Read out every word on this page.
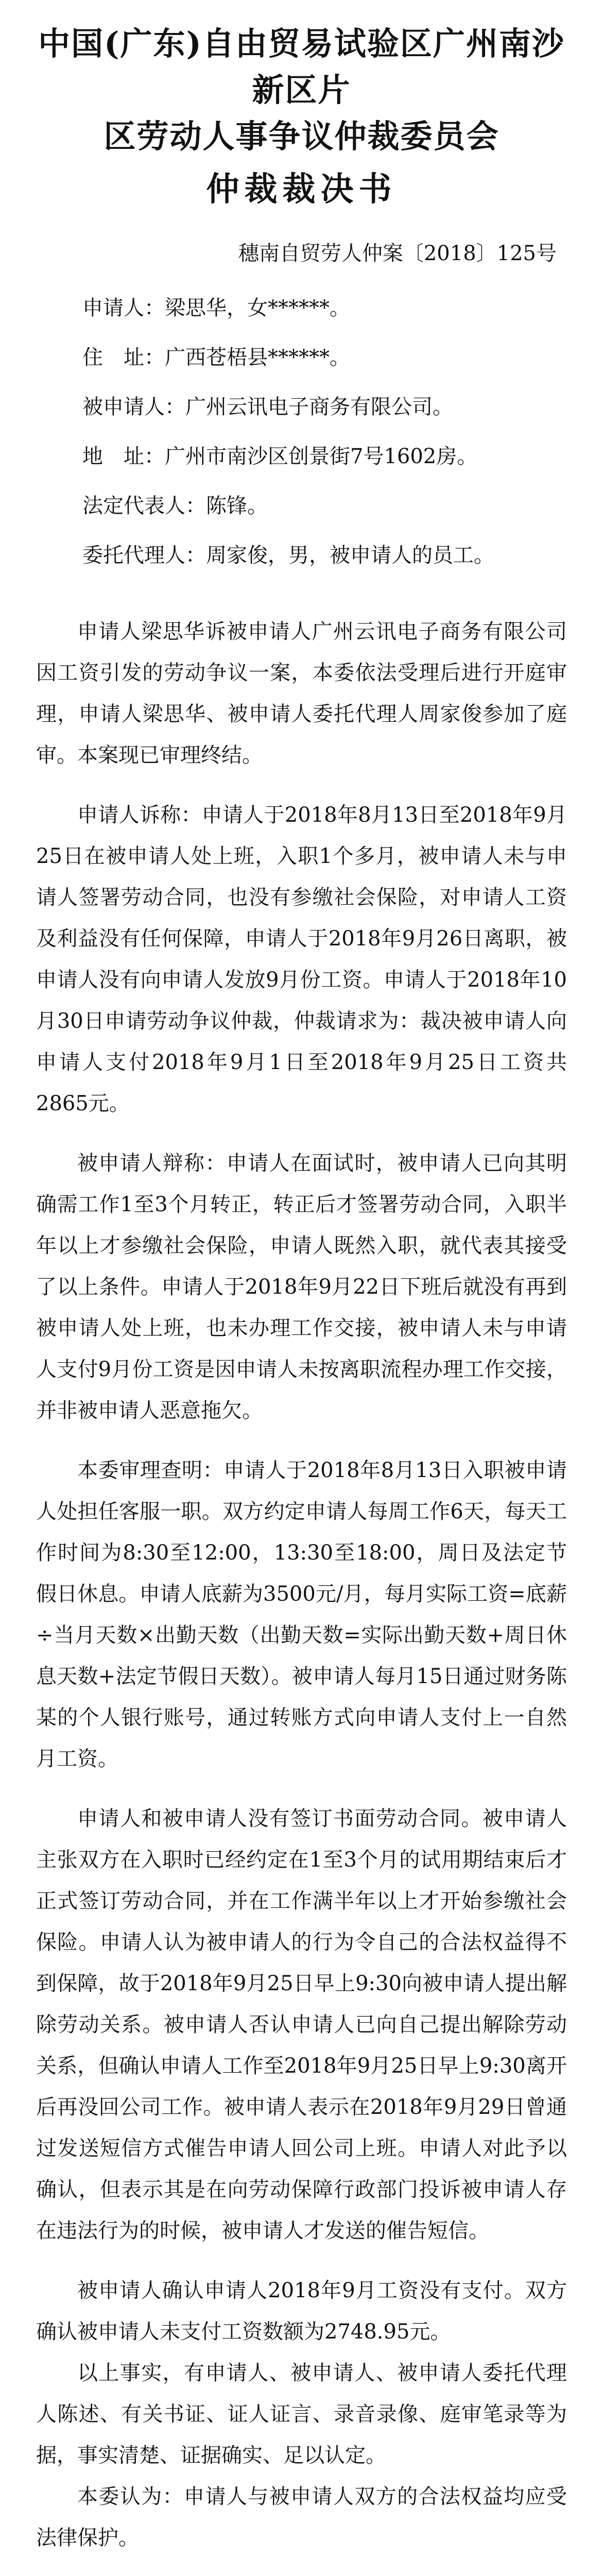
中国(广东)自由贸易试验区广州南沙新区片
区劳动人事争议仲裁委员会
仲裁裁决书
穗南自贸劳人仲案〔2018〕125号

申请人：梁思华，女******。

住　址：广西苍梧县******。

被申请人：广州云讯电子商务有限公司。

地　址：广州市南沙区创景街7号1602房。

法定代表人：陈锋。

委托代理人：周家俊，男，被申请人的员工。

申请人梁思华诉被申请人广州云讯电子商务有限公司因工资引发的劳动争议一案，本委依法受理后进行开庭审理，申请人梁思华、被申请人委托代理人周家俊参加了庭审。本案现已审理终结。

申请人诉称：申请人于2018年8月13日至2018年9月25日在被申请人处上班，入职1个多月，被申请人未与申请人签署劳动合同，也没有参缴社会保险，对申请人工资及利益没有任何保障，申请人于2018年9月26日离职，被申请人没有向申请人发放9月份工资。申请人于2018年10月30日申请劳动争议仲裁，仲裁请求为：裁决被申请人向申请人支付2018年9月1日至2018年9月25日工资共2865元。

被申请人辩称：申请人在面试时，被申请人已向其明确需工作1至3个月转正，转正后才签署劳动合同，入职半年以上才参缴社会保险，申请人既然入职，就代表其接受了以上条件。申请人于2018年9月22日下班后就没有再到被申请人处上班，也未办理工作交接，被申请人未与申请人支付9月份工资是因申请人未按离职流程办理工作交接，并非被申请人恶意拖欠。

本委审理查明：申请人于2018年8月13日入职被申请人处担任客服一职。双方约定申请人每周工作6天，每天工作时间为8:30至12:00，13:30至18:00，周日及法定节假日休息。申请人底薪为3500元/月，每月实际工资=底薪÷当月天数×出勤天数（出勤天数=实际出勤天数+周日休息天数+法定节假日天数）。被申请人每月15日通过财务陈某的个人银行账号，通过转账方式向申请人支付上一自然月工资。

申请人和被申请人没有签订书面劳动合同。被申请人主张双方在入职时已经约定在1至3个月的试用期结束后才正式签订劳动合同，并在工作满半年以上才开始参缴社会保险。申请人认为被申请人的行为令自己的合法权益得不到保障，故于2018年9月25日早上9:30向被申请人提出解除劳动关系。被申请人否认申请人已向自己提出解除劳动关系，但确认申请人工作至2018年9月25日早上9:30离开后再没回公司工作。被申请人表示在2018年9月29日曾通过发送短信方式催告申请人回公司上班。申请人对此予以确认，但表示其是在向劳动保障行政部门投诉被申请人存在违法行为的时候，被申请人才发送的催告短信。

被申请人确认申请人2018年9月工资没有支付。双方确认被申请人未支付工资数额为2748.95元。

以上事实，有申请人、被申请人、被申请人委托代理人陈述、有关书证、证人证言、录音录像、庭审笔录等为据，事实清楚、证据确实、足以认定。

本委认为：申请人与被申请人双方的合法权益均应受法律保护。
